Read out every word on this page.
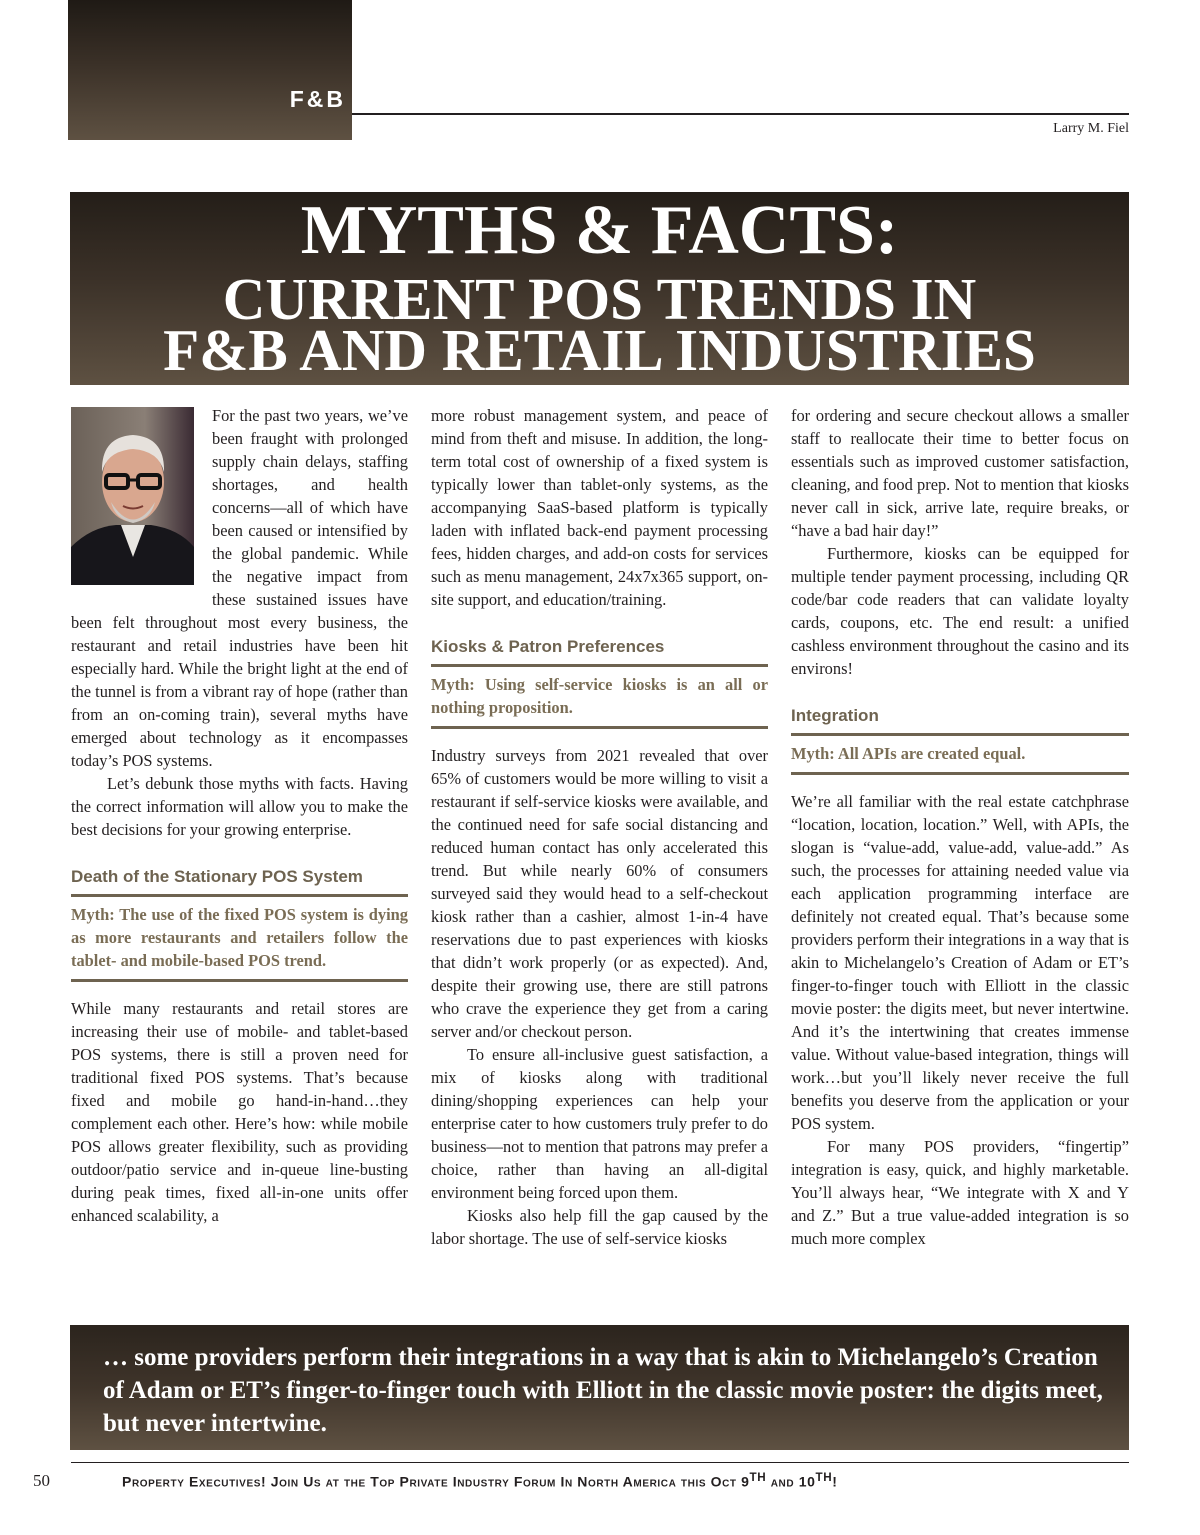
F&B
Larry M. Fiel
MYTHS & FACTS:
CURRENT POS TRENDS IN
F&B AND RETAIL INDUSTRIES

For the past two years, we’ve been fraught with prolonged supply chain delays, staffing shortages, and health concerns—all of which have been caused or intensified by the global pandemic. While the negative impact from these sustained issues have been felt throughout most every business, the restaurant and retail industries have been hit especially hard. While the bright light at the end of the tunnel is from a vibrant ray of hope (rather than from an on-coming train), several myths have emerged about technology as it encompasses today’s POS systems.

Let’s debunk those myths with facts. Having the correct information will allow you to make the best decisions for your growing enterprise.

Death of the Stationary POS System
Myth: The use of the fixed POS system is dying as more restaurants and retailers follow the tablet- and mobile-based POS trend.

While many restaurants and retail stores are increasing their use of mobile- and tablet-based POS systems, there is still a proven need for traditional fixed POS systems. That’s because fixed and mobile go hand-in-hand…they complement each other. Here’s how: while mobile POS allows greater flexibility, such as providing outdoor/patio service and in-queue line-busting during peak times, fixed all-in-one units offer enhanced scalability, a

more robust management system, and peace of mind from theft and misuse. In addition, the long-term total cost of ownership of a fixed system is typically lower than tablet-only systems, as the accompanying SaaS-based platform is typically laden with inflated back-end payment processing fees, hidden charges, and add-on costs for services such as menu management, 24x7x365 support, on-site support, and education/training.

Kiosks & Patron Preferences
Myth: Using self-service kiosks is an all or nothing proposition.

Industry surveys from 2021 revealed that over 65% of customers would be more willing to visit a restaurant if self-service kiosks were available, and the continued need for safe social distancing and reduced human contact has only accelerated this trend. But while nearly 60% of consumers surveyed said they would head to a self-checkout kiosk rather than a cashier, almost 1-in-4 have reservations due to past experiences with kiosks that didn’t work properly (or as expected). And, despite their growing use, there are still patrons who crave the experience they get from a caring server and/or checkout person.

To ensure all-inclusive guest satisfaction, a mix of kiosks along with traditional dining/shopping experiences can help your enterprise cater to how customers truly prefer to do business—not to mention that patrons may prefer a choice, rather than having an all-digital environment being forced upon them.

Kiosks also help fill the gap caused by the labor shortage. The use of self-service kiosks

for ordering and secure checkout allows a smaller staff to reallocate their time to better focus on essentials such as improved customer satisfaction, cleaning, and food prep. Not to mention that kiosks never call in sick, arrive late, require breaks, or “have a bad hair day!”

Furthermore, kiosks can be equipped for multiple tender payment processing, including QR code/bar code readers that can validate loyalty cards, coupons, etc. The end result: a unified cashless environment throughout the casino and its environs!

Integration
Myth: All APIs are created equal.

We’re all familiar with the real estate catchphrase “location, location, location.” Well, with APIs, the slogan is “value-add, value-add, value-add.” As such, the processes for attaining needed value via each application programming interface are definitely not created equal. That’s because some providers perform their integrations in a way that is akin to Michelangelo’s Creation of Adam or ET’s finger-to-finger touch with Elliott in the classic movie poster: the digits meet, but never intertwine. And it’s the intertwining that creates immense value. Without value-based integration, things will work…but you’ll likely never receive the full benefits you deserve from the application or your POS system.

For many POS providers, “fingertip” integration is easy, quick, and highly marketable. You’ll always hear, “We integrate with X and Y and Z.” But a true value-added integration is so much more complex

… some providers perform their integrations in a way that is akin to Michelangelo’s Creation of Adam or ET’s finger-to-finger touch with Elliott in the classic movie poster: the digits meet, but never intertwine.

50	Property Executives! Join Us at the Top Private Industry Forum In North America this Oct 9TH and 10TH!
